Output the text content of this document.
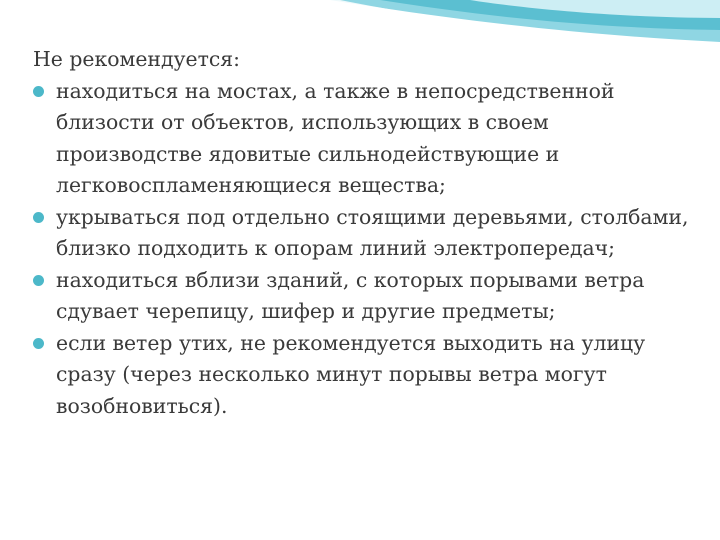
Не рекомендуется:

находиться на мостах, а также в непосредственной близости от объектов, использующих в своем производстве ядовитые сильнодействующие и легковоспламеняющиеся вещества;
укрываться под отдельно стоящими деревьями, столбами, близко подходить к опорам линий электропередач;
находиться вблизи зданий, с которых порывами ветра сдувает черепицу, шифер и другие предметы;
если ветер утих, не рекомендуется выходить на улицу сразу (через несколько минут порывы ветра могут возобновиться).
